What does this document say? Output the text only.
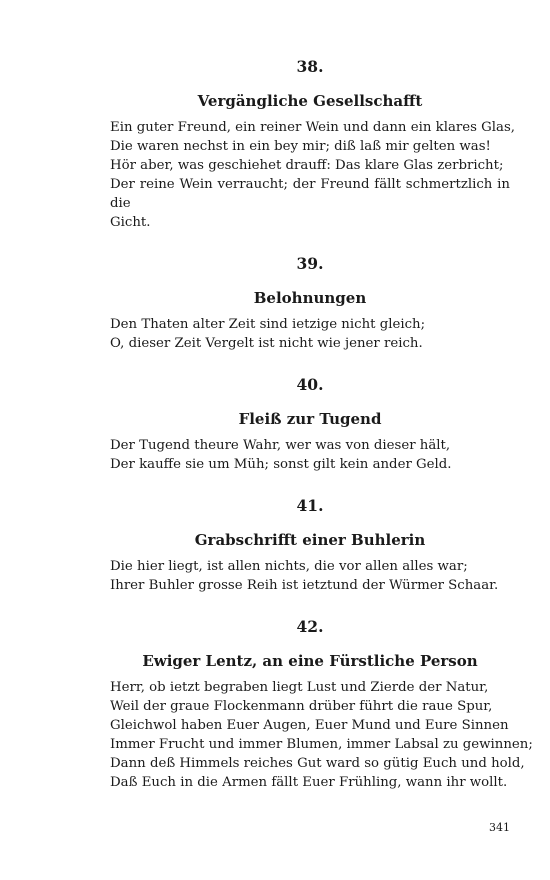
38.
Vergängliche Gesellschafft
Ein guter Freund, ein reiner Wein und dann ein klares Glas,
Die waren nechst in ein bey mir; diß laß mir gelten was!
Hör aber, was geschiehet drauff: Das klare Glas zerbricht;
Der reine Wein verraucht; der Freund fällt schmertzlich in die
Gicht.
39.
Belohnungen
Den Thaten alter Zeit sind ietzige nicht gleich;
O, dieser Zeit Vergelt ist nicht wie jener reich.
40.
Fleiß zur Tugend
Der Tugend theure Wahr, wer was von dieser hält,
Der kauffe sie um Müh; sonst gilt kein ander Geld.
41.
Grabschrifft einer Buhlerin
Die hier liegt, ist allen nichts, die vor allen alles war;
Ihrer Buhler grosse Reih ist ietztund der Würmer Schaar.
42.
Ewiger Lentz, an eine Fürstliche Person
Herr, ob ietzt begraben liegt Lust und Zierde der Natur,
Weil der graue Flockenmann drüber führt die raue Spur,
Gleichwol haben Euer Augen, Euer Mund und Eure Sinnen
Immer Frucht und immer Blumen, immer Labsal zu gewinnen;
Dann deß Himmels reiches Gut ward so gütig Euch und hold,
Daß Euch in die Armen fällt Euer Frühling, wann ihr wollt.
341
